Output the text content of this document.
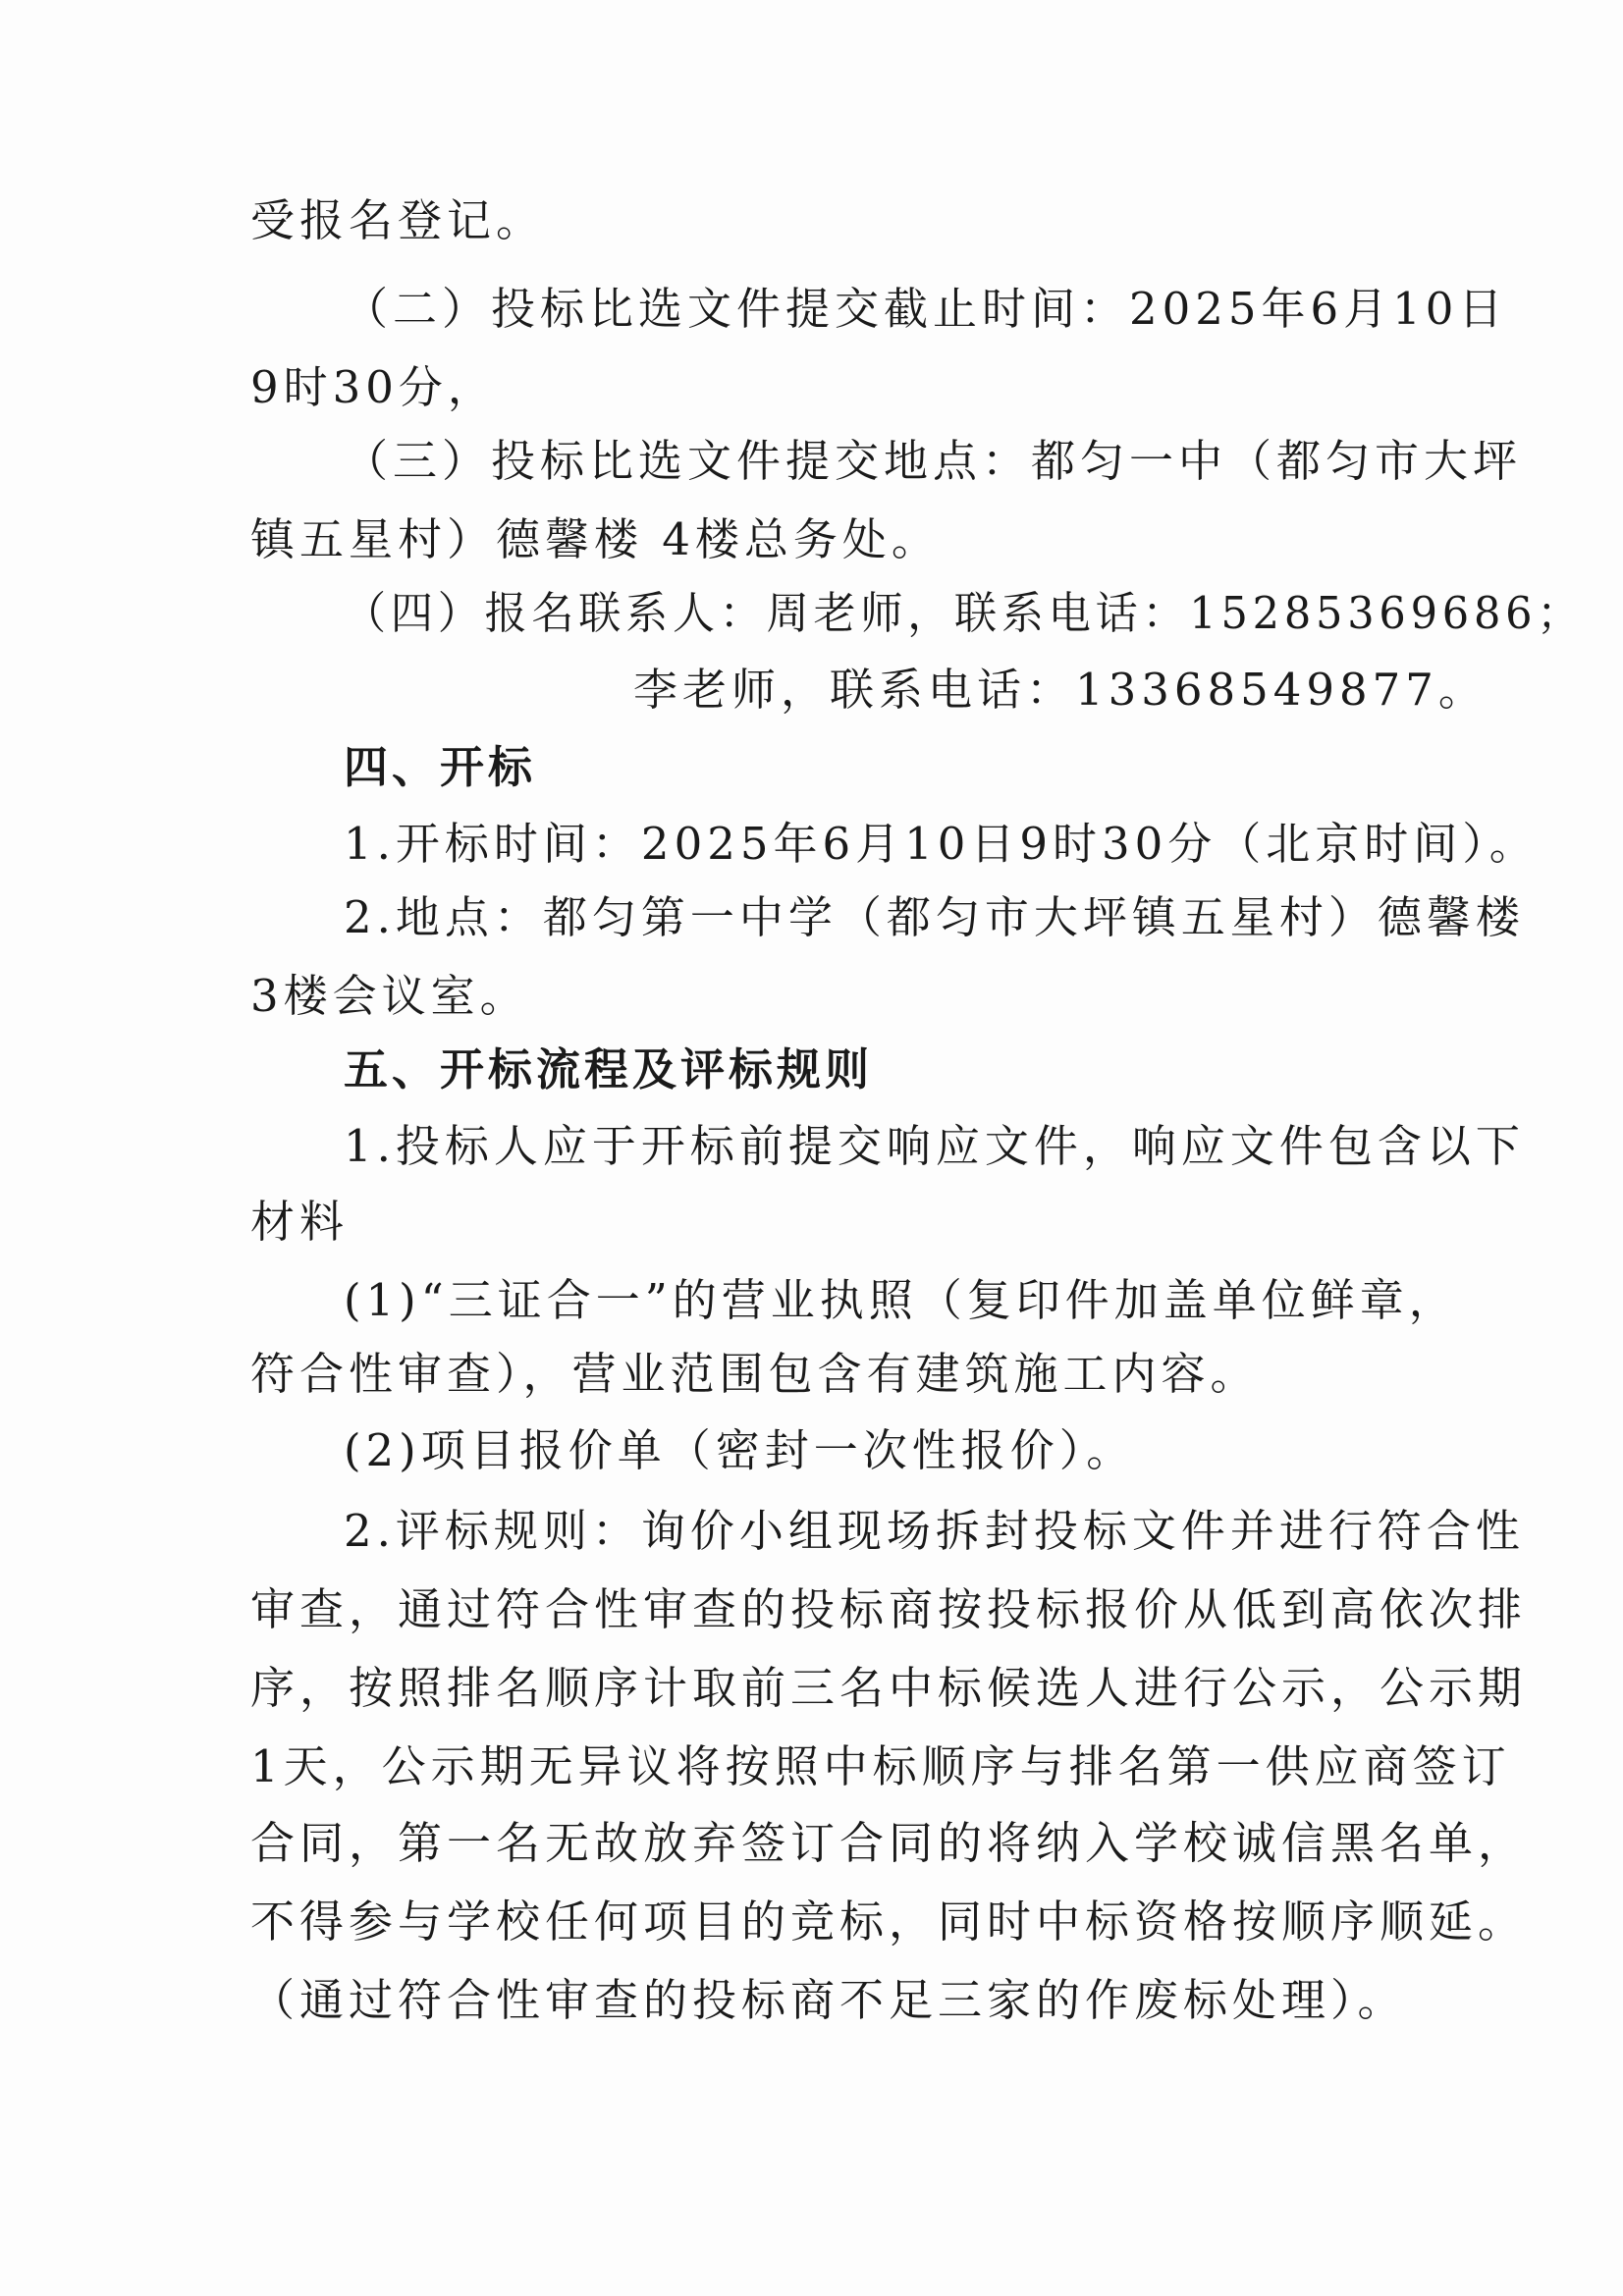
受报名登记。
（二）投标比选文件提交截止时间：2025年6月10日
9时30分，
（三）投标比选文件提交地点：都匀一中（都匀市大坪
镇五星村）德馨楼 4楼总务处。
（四）报名联系人：周老师，联系电话：15285369686；
李老师，联系电话：13368549877。
四、开标
1.开标时间：2025年6月10日9时30分（北京时间）。
2.地点：都匀第一中学（都匀市大坪镇五星村）德馨楼
3楼会议室。
五、开标流程及评标规则
1.投标人应于开标前提交响应文件，响应文件包含以下
材料
(1)“三证合一”的营业执照（复印件加盖单位鲜章，
符合性审查），营业范围包含有建筑施工内容。
(2)项目报价单（密封一次性报价）。
2.评标规则：询价小组现场拆封投标文件并进行符合性
审查，通过符合性审查的投标商按投标报价从低到高依次排
序，按照排名顺序计取前三名中标候选人进行公示，公示期
1天，公示期无异议将按照中标顺序与排名第一供应商签订
合同，第一名无故放弃签订合同的将纳入学校诚信黑名单，
不得参与学校任何项目的竞标，同时中标资格按顺序顺延。
（通过符合性审查的投标商不足三家的作废标处理）。
